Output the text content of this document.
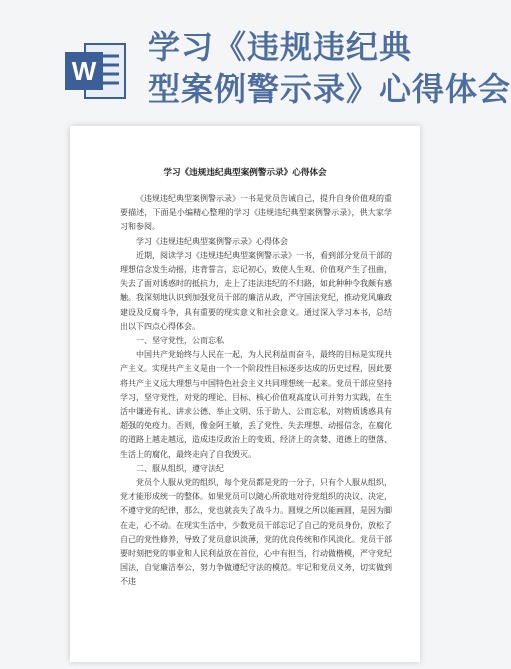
W
学习《违规违纪典
型案例警示录》心得体会
学习《违规违纪典型案例警示录》心得体会

《违规违纪典型案例警示录》一书是党员告诫自己，提升自身价值观的重要描述，下面是小编精心整理的学习《违规违纪典型案例警示录》，供大家学习和参阅。

学习《违规违纪典型案例警示录》心得体会

近期，阅读学习《违规违纪典型案例警示录》一书，看到部分党员干部的理想信念发生动摇，违背誓言，忘记初心，致使人生观、价值观产生了扭曲，失去了面对诱惑时的抵抗力，走上了违法违纪的不归路，如此种种令我颇有感触。我深刻地认识到加强党员干部的廉洁从政，严守国法党纪，推动党风廉政建设及反腐斗争，具有重要的现实意义和社会意义。通过深入学习本书，总结出以下四点心得体会。

一、坚守党性，公而忘私

中国共产党始终与人民在一起，为人民利益而奋斗，最终的目标是实现共产主义。实现共产主义是由一个一个阶段性目标逐步达成的历史过程，因此要将共产主义远大理想与中国特色社会主义共同理想统一起来。党员干部应坚持学习，坚守党性，对党的理论、目标、核心价值观高度认可并努力实践，在生活中谦逊有礼、讲求公德、举止文明、乐于助人、公而忘私，对物质诱惑具有超强的免疫力。否则，像金阿王敏，丢了党性、失去理想、动摇信念，在腐化的道路上越走越远，造成违反政治上的变质、经济上的贪婪、道德上的堕落、生活上的腐化，最终走向了自我毁灭。

二、服从组织，遵守法纪

党员个人服从党的组织，每个党员都是党的一分子，只有个人服从组织，党才能形成统一的整体。如果党员可以随心所欲地对待党组织的决议、决定，不遵守党的纪律，那么，党也就丧失了战斗力。圆规之所以能画圆，是因为脚在走，心不动。在现实生活中，少数党员干部忘记了自己的党员身份，放松了自己的党性修养，导致了党员意识淡薄，党的优良传统和作风淡化。党员干部要时刻把党的事业和人民利益放在首位，心中有担当，行动做楷模，严守党纪国法，自觉廉洁奉公，努力争做遵纪守法的模范。牢记和党员义务，切实做到不违
